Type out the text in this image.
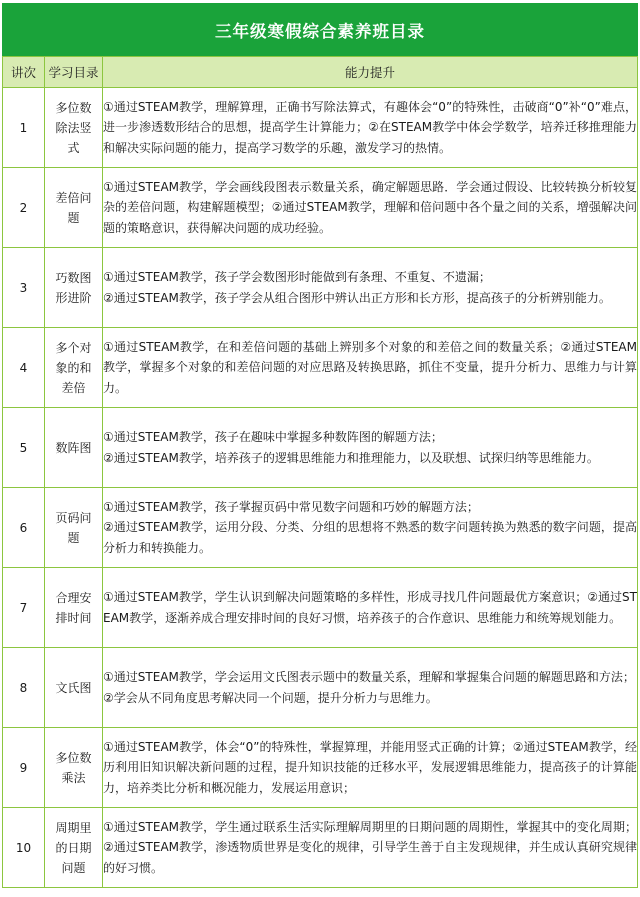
三年级寒假综合素养班目录
讲次	学习目录	能力提升
1	多位数除法竖式	①通过STEAM教学，理解算理，正确书写除法算式，有趣体会“0”的特殊性，击破商“0”补“0”难点，进一步渗透数形结合的思想，提高学生计算能力；②在STEAM教学中体会学数学，培养迁移推理能力和解决实际问题的能力，提高学习数学的乐趣，激发学习的热情。

2	差倍问题	①通过STEAM教学，学会画线段图表示数量关系，确定解题思路．学会通过假设、比较转换分析较复杂的差倍问题，构建解题模型；②通过STEAM教学，理解和倍问题中各个量之间的关系，增强解决问题的策略意识，获得解决问题的成功经验。

3	巧数图形进阶	①通过STEAM教学，孩子学会数图形时能做到有条理、不重复、不遗漏；
②通过STEAM教学，孩子学会从组合图形中辨认出正方形和长方形，提高孩子的分析辨别能力。

4	多个对象的和差倍	①通过STEAM教学，在和差倍问题的基础上辨别多个对象的和差倍之间的数量关系；②通过STEAM教学，掌握多个对象的和差倍问题的对应思路及转换思路，抓住不变量，提升分析力、思维力与计算力。

5	数阵图	①通过STEAM教学，孩子在趣味中掌握多种数阵图的解题方法；
②通过STEAM教学，培养孩子的逻辑思维能力和推理能力，以及联想、试探归纳等思维能力。

6	页码问题	①通过STEAM教学，孩子掌握页码中常见数字问题和巧妙的解题方法；
②通过STEAM教学，运用分段、分类、分组的思想将不熟悉的数字问题转换为熟悉的数字问题，提高分析力和转换能力。

7	合理安排时间	①通过STEAM教学，学生认识到解决问题策略的多样性，形成寻找几件问题最优方案意识；②通过STEAM教学，逐渐养成合理安排时间的良好习惯，培养孩子的合作意识、思维能力和统筹规划能力。

8	文氏图	①通过STEAM教学，学会运用文氏图表示题中的数量关系，理解和掌握集合问题的解题思路和方法；
②学会从不同角度思考解决同一个问题，提升分析力与思维力。

9	多位数乘法	①通过STEAM教学，体会“0”的特殊性，掌握算理，并能用竖式正确的计算；②通过STEAM教学，经历利用旧知识解决新问题的过程，提升知识技能的迁移水平，发展逻辑思维能力，提高孩子的计算能力，培养类比分析和概况能力，发展运用意识；

10	周期里的日期问题	①通过STEAM教学，学生通过联系生活实际理解周期里的日期问题的周期性，掌握其中的变化周期；②通过STEAM教学，渗透物质世界是变化的规律，引导学生善于自主发现规律，并生成认真研究规律的好习惯。
